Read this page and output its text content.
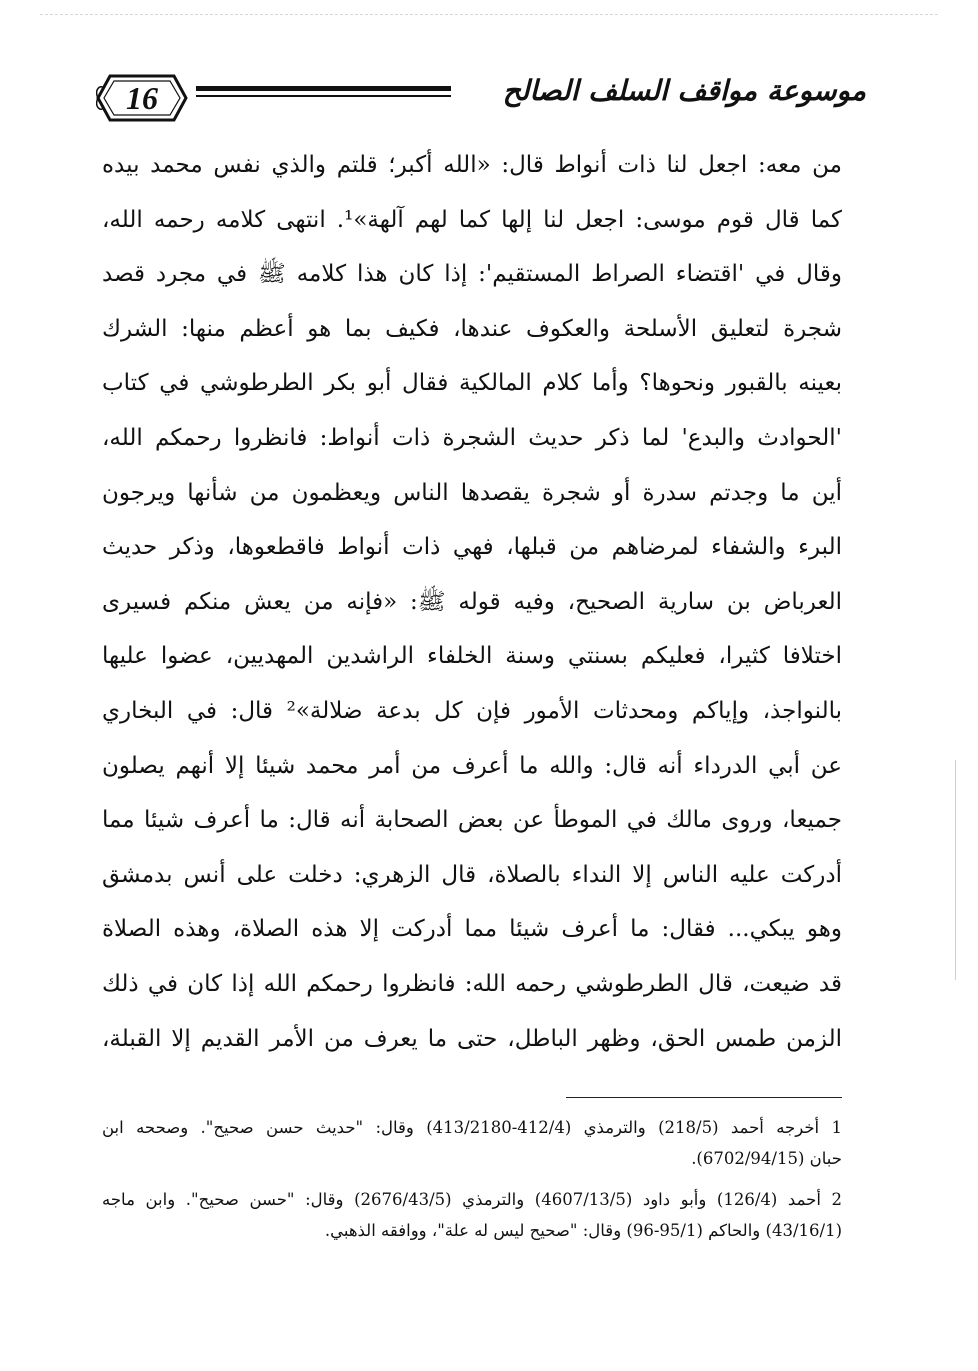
16	موسوعة مواقف السلف الصالح
من معه: اجعل لنا ذات أنواط قال: «الله أكبر؛ قلتم والذي نفس محمد بيده
كما قال قوم موسى: اجعل لنا إلها كما لهم آلهة»¹. انتهى كلامه رحمه الله،
وقال في 'اقتضاء الصراط المستقيم': إذا كان هذا كلامه ﷺ في مجرد قصد
شجرة لتعليق الأسلحة والعكوف عندها، فكيف بما هو أعظم منها: الشرك
بعينه بالقبور ونحوها؟ وأما كلام المالكية فقال أبو بكر الطرطوشي في كتاب
'الحوادث والبدع' لما ذكر حديث الشجرة ذات أنواط: فانظروا رحمكم الله،
أين ما وجدتم سدرة أو شجرة يقصدها الناس ويعظمون من شأنها ويرجون
البرء والشفاء لمرضاهم من قبلها، فهي ذات أنواط فاقطعوها، وذكر حديث
العرباض بن سارية الصحيح، وفيه قوله ﷺ: «فإنه من يعش منكم فسيرى
اختلافا كثيرا، فعليكم بسنتي وسنة الخلفاء الراشدين المهديين، عضوا عليها
بالنواجذ، وإياكم ومحدثات الأمور فإن كل بدعة ضلالة»² قال: في البخاري
عن أبي الدرداء أنه قال: والله ما أعرف من أمر محمد شيئا إلا أنهم يصلون
جميعا، وروى مالك في الموطأ عن بعض الصحابة أنه قال: ما أعرف شيئا مما
أدركت عليه الناس إلا النداء بالصلاة، قال الزهري: دخلت على أنس بدمشق
وهو يبكي... فقال: ما أعرف شيئا مما أدركت إلا هذه الصلاة، وهذه الصلاة
قد ضيعت، قال الطرطوشي رحمه الله: فانظروا رحمكم الله إذا كان في ذلك
الزمن طمس الحق، وظهر الباطل، حتى ما يعرف من الأمر القديم إلا القبلة،
1 أخرجه أحمد (218/5) والترمذي (412/4-413/2180) وقال: "حديث حسن صحيح". وصححه ابن
حبان (6702/94/15).
2 أحمد (126/4) وأبو داود (4607/13/5) والترمذي (2676/43/5) وقال: "حسن صحيح". وابن ماجه
(43/16/1) والحاكم (95/1-96) وقال: "صحيح ليس له علة"، ووافقه الذهبي.
